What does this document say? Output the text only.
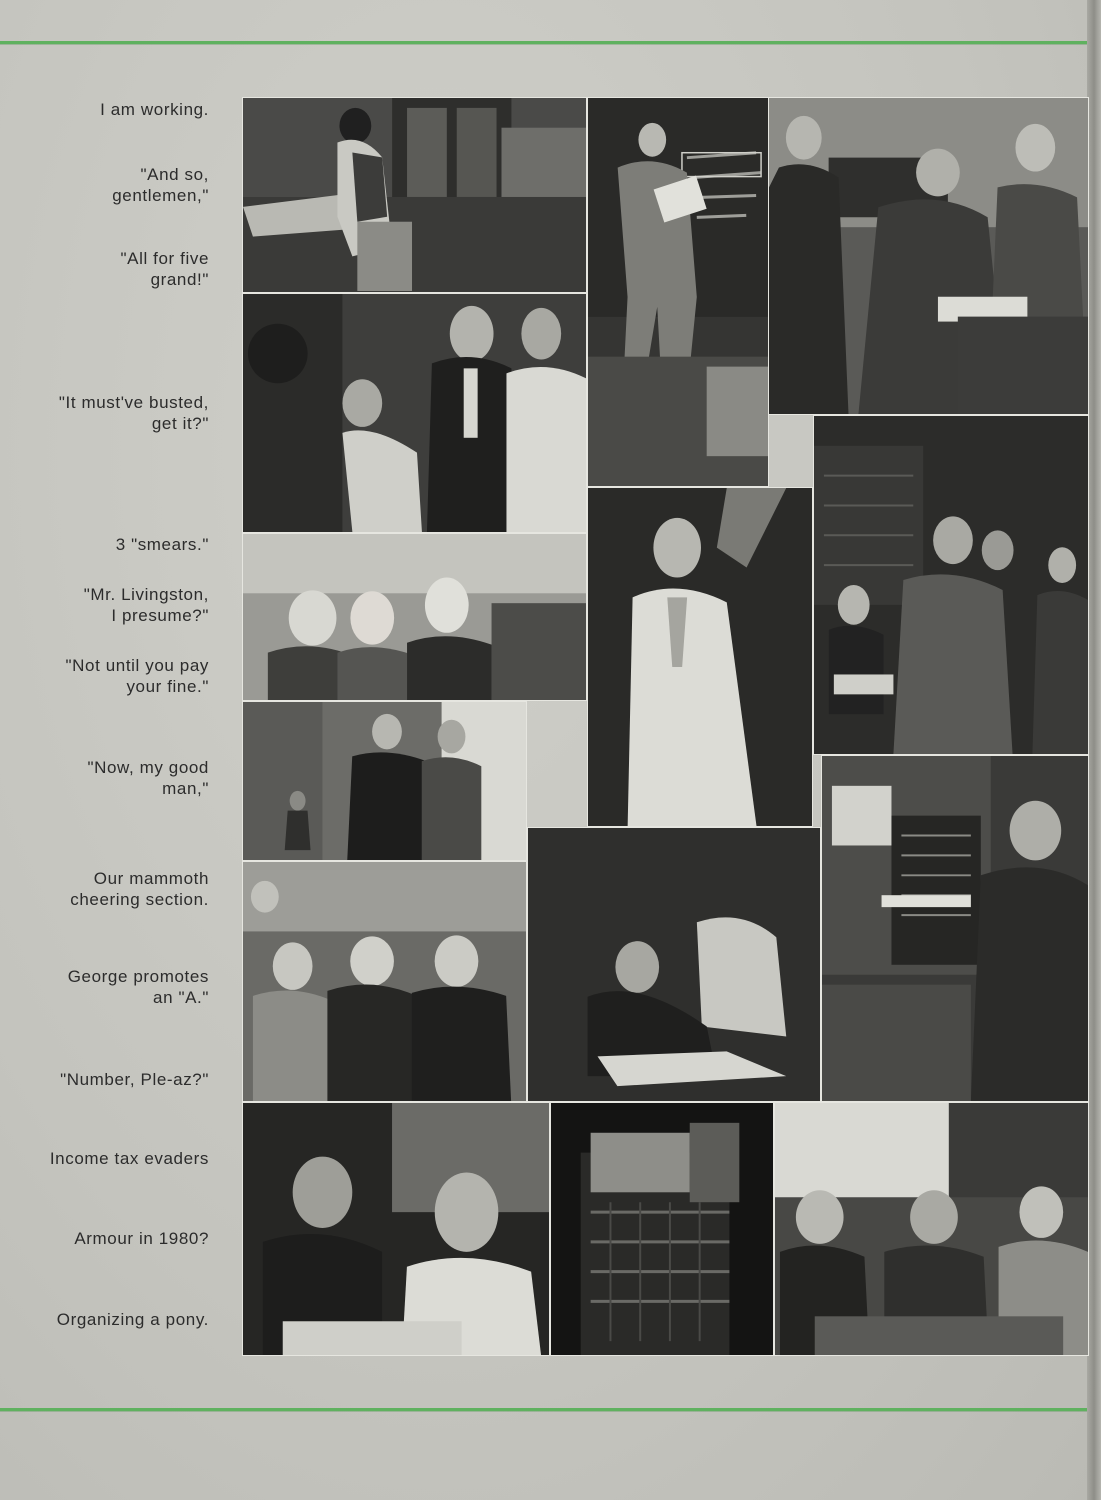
I am working.
"And so,
gentlemen,"
"All for five
grand!"
"It must've busted,
get it?"
3 "smears."
"Mr. Livingston,
I presume?"
"Not until you pay
your fine."
"Now, my good
man,"
Our mammoth
cheering section.
George promotes
an "A."
"Number, Ple-az?"
Income tax evaders
Armour in 1980?
Organizing a pony.
